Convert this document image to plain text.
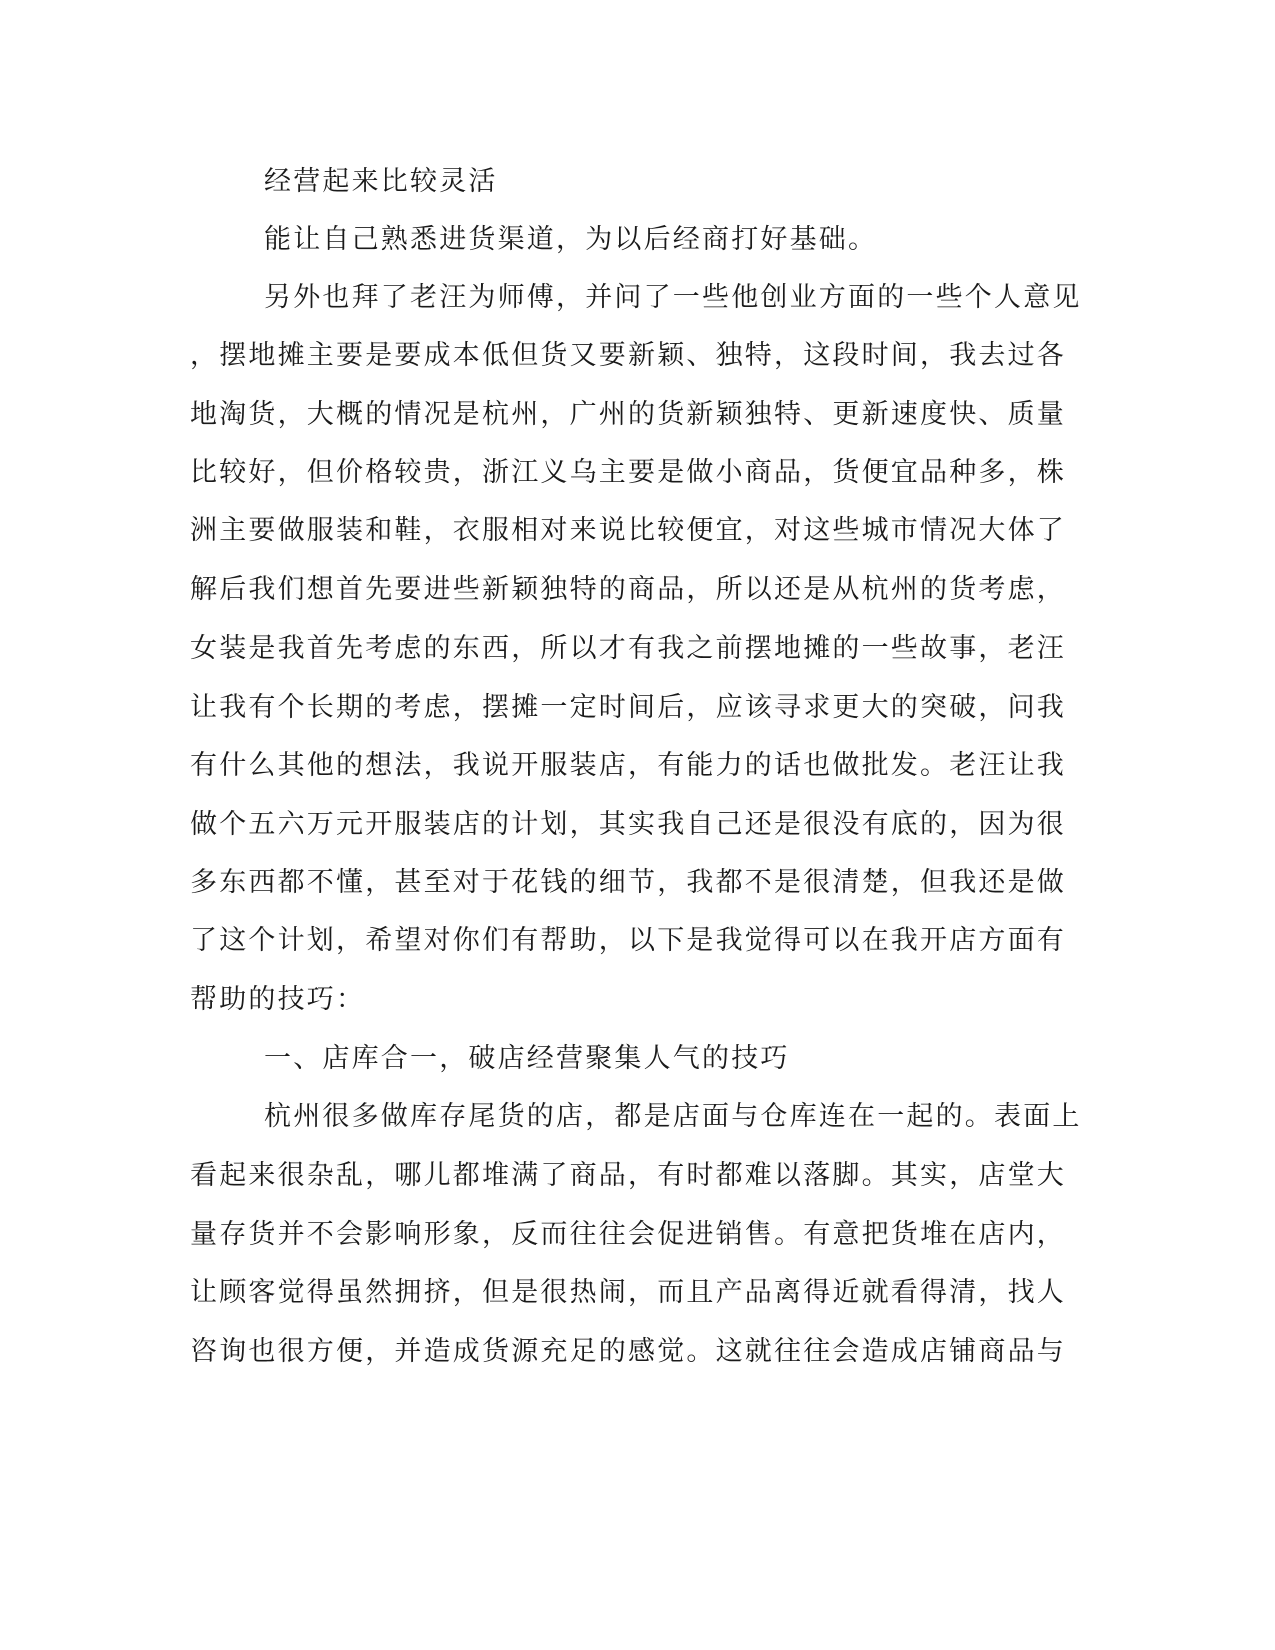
经营起来比较灵活
能让自己熟悉进货渠道，为以后经商打好基础。
另外也拜了老汪为师傅，并问了一些他创业方面的一些个人意见
，摆地摊主要是要成本低但货又要新颖、独特，这段时间，我去过各
地淘货，大概的情况是杭州，广州的货新颖独特、更新速度快、质量
比较好，但价格较贵，浙江义乌主要是做小商品，货便宜品种多，株
洲主要做服装和鞋，衣服相对来说比较便宜，对这些城市情况大体了
解后我们想首先要进些新颖独特的商品，所以还是从杭州的货考虑，
女装是我首先考虑的东西，所以才有我之前摆地摊的一些故事，老汪
让我有个长期的考虑，摆摊一定时间后，应该寻求更大的突破，问我
有什么其他的想法，我说开服装店，有能力的话也做批发。老汪让我
做个五六万元开服装店的计划，其实我自己还是很没有底的，因为很
多东西都不懂，甚至对于花钱的细节，我都不是很清楚，但我还是做
了这个计划，希望对你们有帮助，以下是我觉得可以在我开店方面有
帮助的技巧：
一、店库合一，破店经营聚集人气的技巧
杭州很多做库存尾货的店，都是店面与仓库连在一起的。表面上
看起来很杂乱，哪儿都堆满了商品，有时都难以落脚。其实，店堂大
量存货并不会影响形象，反而往往会促进销售。有意把货堆在店内，
让顾客觉得虽然拥挤，但是很热闹，而且产品离得近就看得清，找人
咨询也很方便，并造成货源充足的感觉。这就往往会造成店铺商品与
